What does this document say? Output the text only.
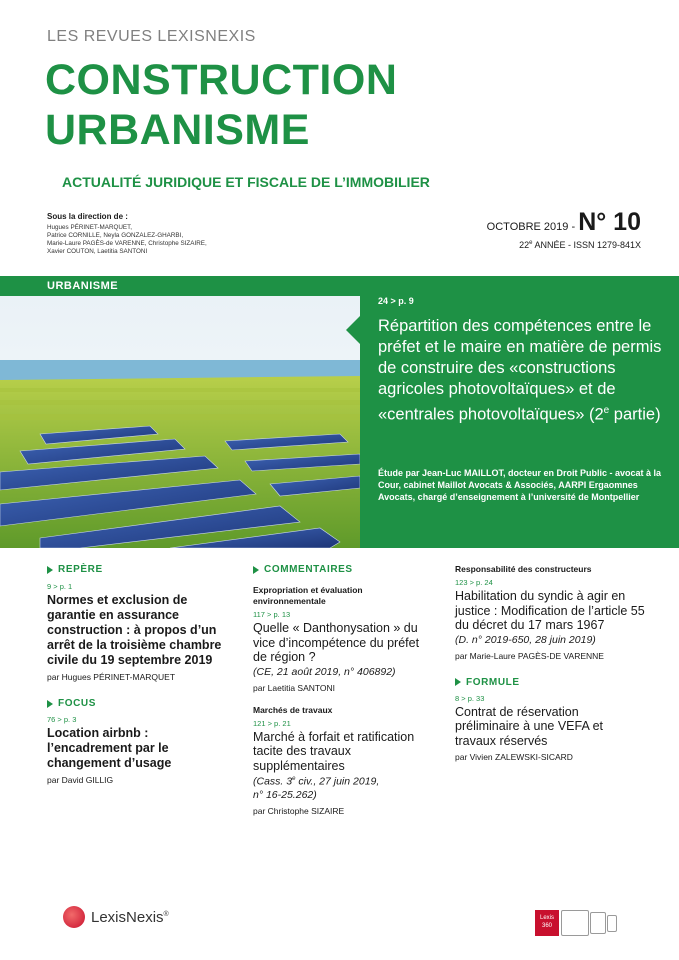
LES REVUES LEXISNEXIS
CONSTRUCTION
URBANISME
ACTUALITÉ JURIDIQUE ET FISCALE DE L’IMMOBILIER
Sous la direction de :
Hugues PÉRINET-MARQUET,
Patrice CORNILLE, Neyla GONZALEZ-GHARBI,
Marie-Laure PAGÈS-de VARENNE, Christophe SIZAIRE,
Xavier COUTON, Laetitia SANTONI
OCTOBRE 2019 - N° 10
22e ANNÉE - ISSN 1279-841X
URBANISME
24 > p. 9
Répartition des compétences entre le préfet et le maire en matière de permis de construire des «constructions agricoles photovoltaïques» et de «centrales photovoltaïques» (2e partie)
Étude par Jean-Luc MAILLOT, docteur en Droit Public - avocat à la Cour, cabinet Maillot Avocats & Associés, AARPI Ergaomnes Avocats, chargé d’enseignement à l’université de Montpellier
REPÈRE
9 > p. 1
Normes et exclusion de garantie en assurance construction : à propos d’un arrêt de la troisième chambre civile du 19 septembre 2019
par Hugues PÉRINET-MARQUET
FOCUS
76 > p. 3
Location airbnb : l’encadrement par le changement d’usage
par David GILLIG
COMMENTAIRES
Expropriation et évaluation environnementale
117 > p. 13
Quelle « Danthonysation » du vice d’incompétence du préfet de région ?
(CE, 21 août 2019, n° 406892)
par Laetitia SANTONI
Marchés de travaux
121 > p. 21
Marché à forfait et ratification tacite des travaux supplémentaires
(Cass. 3e civ., 27 juin 2019,
n° 16-25.262)
par Christophe SIZAIRE
Responsabilité des constructeurs
123 > p. 24
Habilitation du syndic à agir en justice : Modification de l’article 55 du décret du 17 mars 1967
(D. n° 2019-650, 28 juin 2019)
par Marie-Laure PAGÈS-DE VARENNE
FORMULE
8 > p. 33
Contrat de réservation préliminaire à une VEFA et travaux réservés
par Vivien ZALEWSKI-SICARD
LexisNexis®
Lexis
360
